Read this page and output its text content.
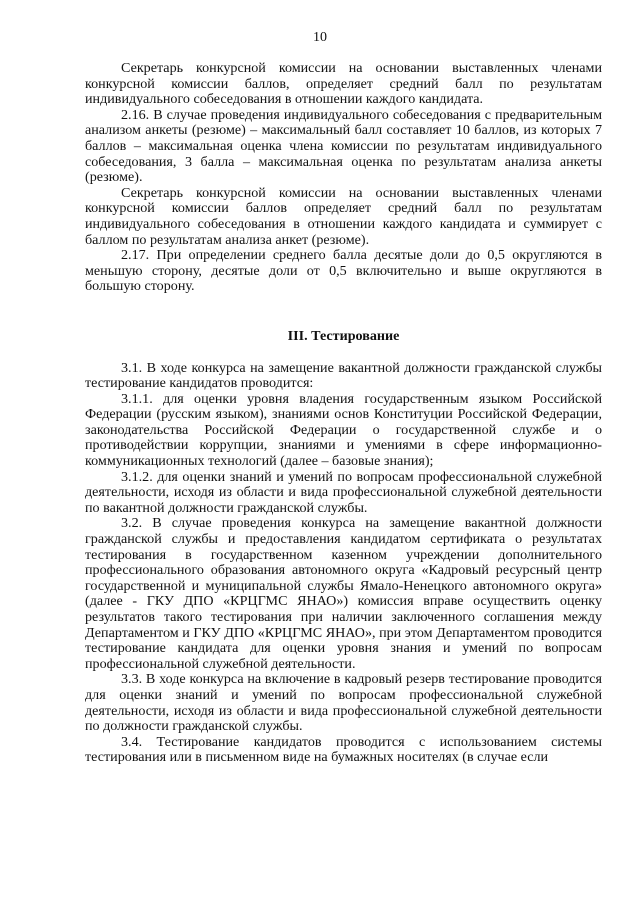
10

Секретарь конкурсной комиссии на основании выставленных членами конкурсной комиссии баллов, определяет средний балл по результатам индивидуального собеседования в отношении каждого кандидата.

2.16. В случае проведения индивидуального собеседования с предварительным анализом анкеты (резюме) – максимальный балл составляет 10 баллов, из которых 7 баллов – максимальная оценка члена комиссии по результатам индивидуального собеседования, 3 балла – максимальная оценка по результатам анализа анкеты (резюме).

Секретарь конкурсной комиссии на основании выставленных членами конкурсной комиссии баллов определяет средний балл по результатам индивидуального собеседования в отношении каждого кандидата и суммирует с баллом по результатам анализа анкет (резюме).

2.17. При определении среднего балла десятые доли до 0,5 округляются в меньшую сторону, десятые доли от 0,5 включительно и выше округляются в большую сторону.

III. Тестирование

3.1. В ходе конкурса на замещение вакантной должности гражданской службы тестирование кандидатов проводится:

3.1.1. для оценки уровня владения государственным языком Российской Федерации (русским языком), знаниями основ Конституции Российской Федерации, законодательства Российской Федерации о государственной службе и о противодействии коррупции, знаниями и умениями в сфере информационно-коммуникационных технологий (далее – базовые знания);

3.1.2. для оценки знаний и умений по вопросам профессиональной служебной деятельности, исходя из области и вида профессиональной служебной деятельности по вакантной должности гражданской службы.

3.2. В случае проведения конкурса на замещение вакантной должности гражданской службы и предоставления кандидатом сертификата о результатах тестирования в государственном казенном учреждении дополнительного профессионального образования автономного округа «Кадровый ресурсный центр государственной и муниципальной службы Ямало-Ненецкого автономного округа» (далее - ГКУ ДПО «КРЦГМС ЯНАО») комиссия вправе осуществить оценку результатов такого тестирования при наличии заключенного соглашения между Департаментом и ГКУ ДПО «КРЦГМС ЯНАО», при этом Департаментом проводится тестирование кандидата для оценки уровня знания и умений по вопросам профессиональной служебной деятельности.

3.3. В ходе конкурса на включение в кадровый резерв тестирование проводится для оценки знаний и умений по вопросам профессиональной служебной деятельности, исходя из области и вида профессиональной служебной деятельности по должности гражданской службы.

3.4. Тестирование кандидатов проводится с использованием системы тестирования или в письменном виде на бумажных носителях (в случае если
